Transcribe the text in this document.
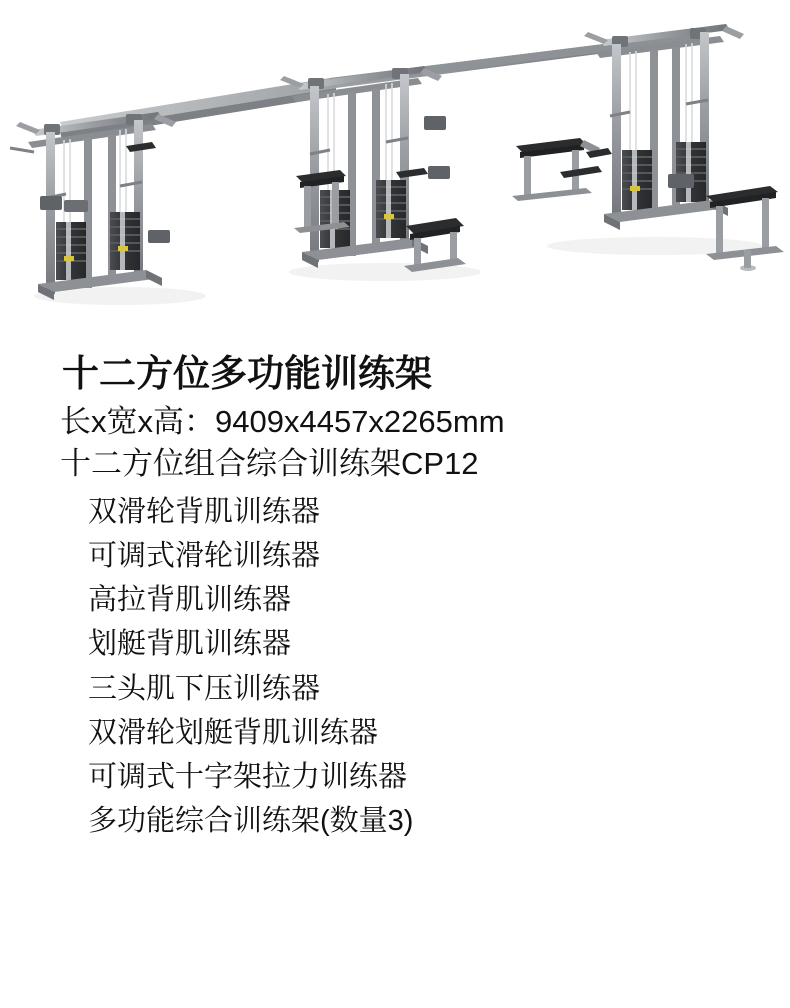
十二方位多功能训练架
长x宽x高：9409x4457x2265mm
十二方位组合综合训练架CP12
双滑轮背肌训练器
可调式滑轮训练器
高拉背肌训练器
划艇背肌训练器
三头肌下压训练器
双滑轮划艇背肌训练器
可调式十字架拉力训练器
多功能综合训练架(数量3)
